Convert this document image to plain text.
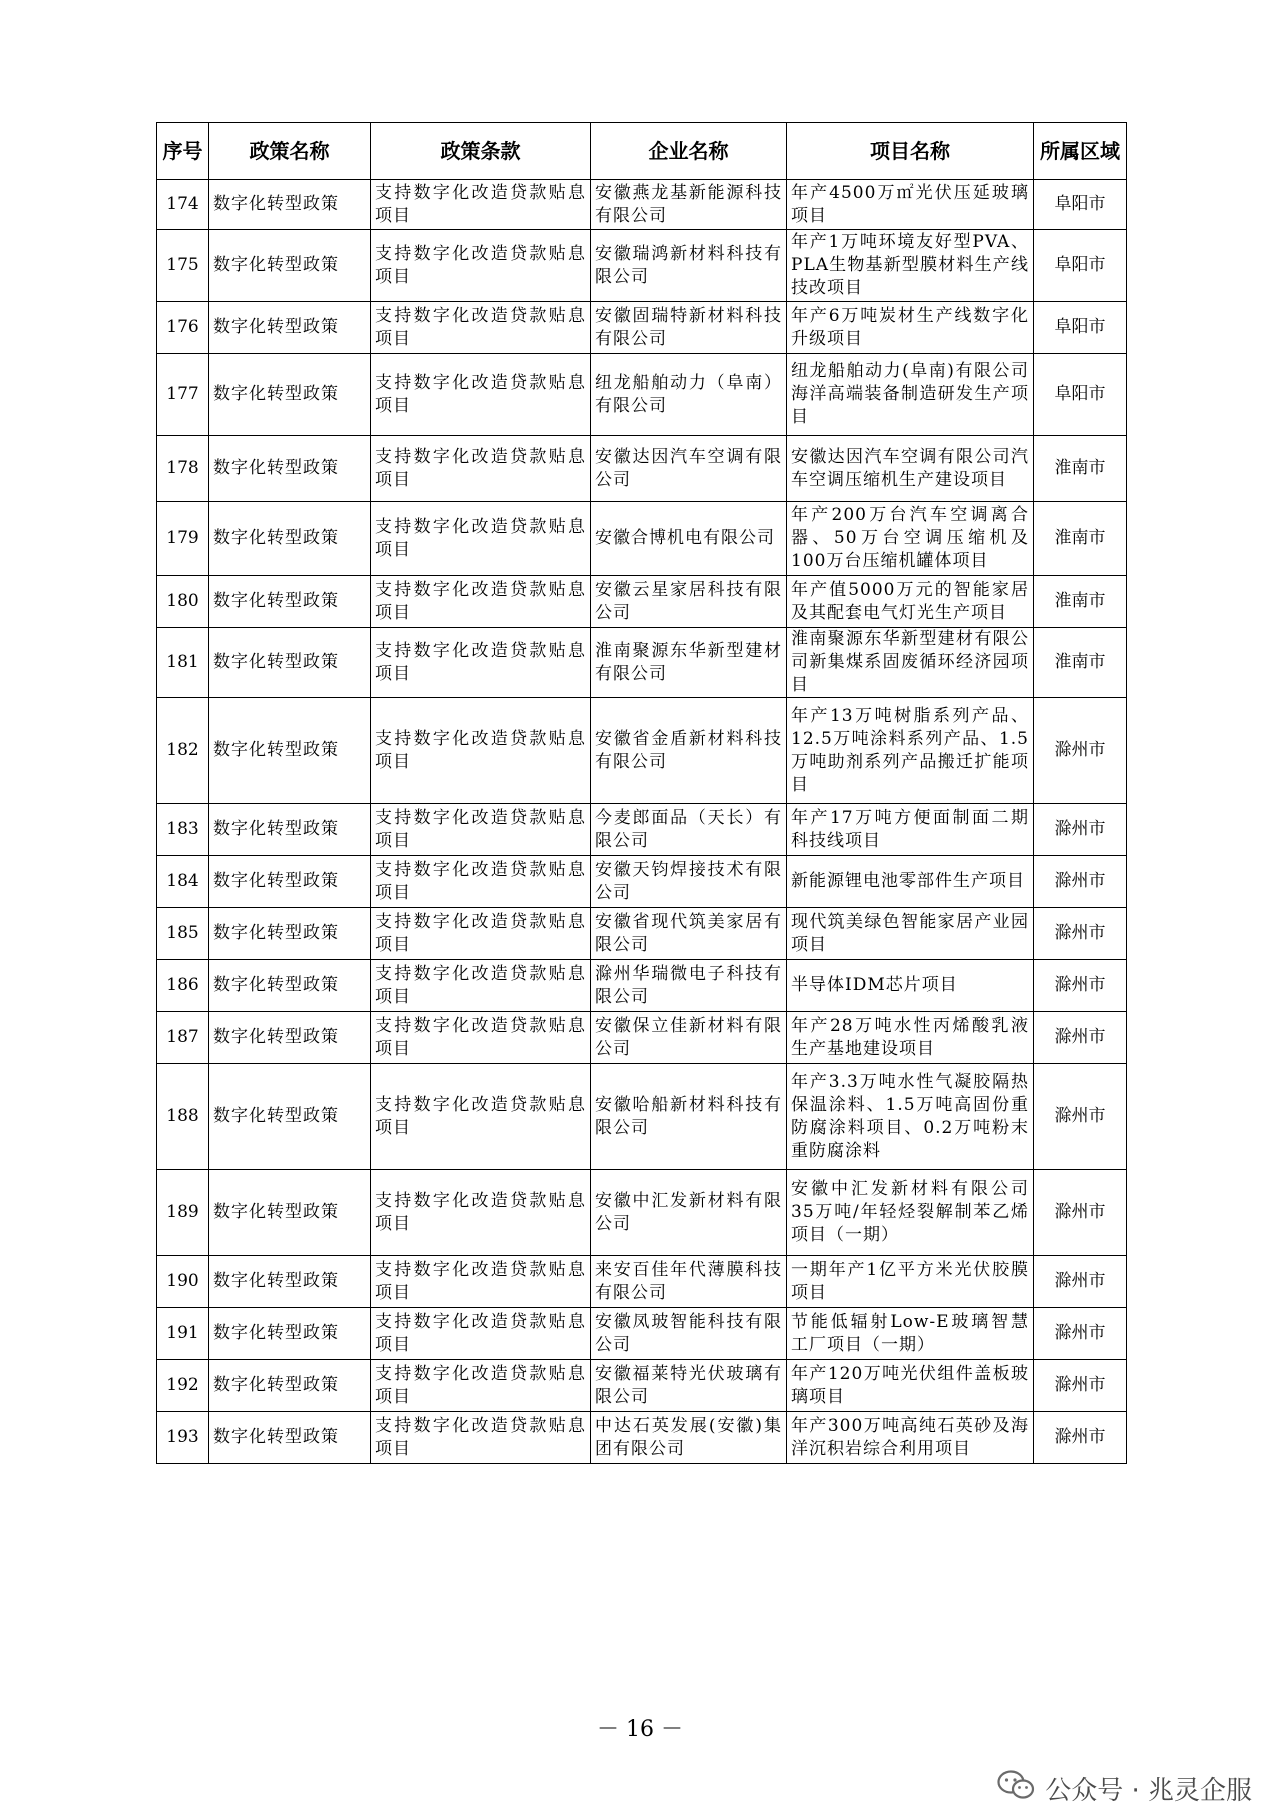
序号	政策名称	政策条款	企业名称	项目名称	所属区域
174	数字化转型政策	支持数字化改造贷款贴息项目	安徽燕龙基新能源科技有限公司	年产4500万㎡光伏压延玻璃项目	阜阳市
175	数字化转型政策	支持数字化改造贷款贴息项目	安徽瑞鸿新材料科技有限公司	年产1万吨环境友好型PVA、PLA生物基新型膜材料生产线技改项目	阜阳市
176	数字化转型政策	支持数字化改造贷款贴息项目	安徽固瑞特新材料科技有限公司	年产6万吨炭材生产线数字化升级项目	阜阳市
177	数字化转型政策	支持数字化改造贷款贴息项目	纽龙船舶动力（阜南）有限公司	纽龙船舶动力(阜南)有限公司海洋高端装备制造研发生产项目	阜阳市
178	数字化转型政策	支持数字化改造贷款贴息项目	安徽达因汽车空调有限公司	安徽达因汽车空调有限公司汽车空调压缩机生产建设项目	淮南市
179	数字化转型政策	支持数字化改造贷款贴息项目	安徽合博机电有限公司	年产200万台汽车空调离合器、50万台空调压缩机及100万台压缩机罐体项目	淮南市
180	数字化转型政策	支持数字化改造贷款贴息项目	安徽云星家居科技有限公司	年产值5000万元的智能家居及其配套电气灯光生产项目	淮南市
181	数字化转型政策	支持数字化改造贷款贴息项目	淮南聚源东华新型建材有限公司	淮南聚源东华新型建材有限公司新集煤系固废循环经济园项目	淮南市
182	数字化转型政策	支持数字化改造贷款贴息项目	安徽省金盾新材料科技有限公司	年产13万吨树脂系列产品、12.5万吨涂料系列产品、1.5万吨助剂系列产品搬迁扩能项目	滁州市
183	数字化转型政策	支持数字化改造贷款贴息项目	今麦郎面品（天长）有限公司	年产17万吨方便面制面二期科技线项目	滁州市
184	数字化转型政策	支持数字化改造贷款贴息项目	安徽天钧焊接技术有限公司	新能源锂电池零部件生产项目	滁州市
185	数字化转型政策	支持数字化改造贷款贴息项目	安徽省现代筑美家居有限公司	现代筑美绿色智能家居产业园项目	滁州市
186	数字化转型政策	支持数字化改造贷款贴息项目	滁州华瑞微电子科技有限公司	半导体IDM芯片项目	滁州市
187	数字化转型政策	支持数字化改造贷款贴息项目	安徽保立佳新材料有限公司	年产28万吨水性丙烯酸乳液生产基地建设项目	滁州市
188	数字化转型政策	支持数字化改造贷款贴息项目	安徽哈船新材料科技有限公司	年产3.3万吨水性气凝胶隔热保温涂料、1.5万吨高固份重防腐涂料项目、0.2万吨粉末重防腐涂料	滁州市
189	数字化转型政策	支持数字化改造贷款贴息项目	安徽中汇发新材料有限公司	安徽中汇发新材料有限公司35万吨/年轻烃裂解制苯乙烯项目（一期）	滁州市
190	数字化转型政策	支持数字化改造贷款贴息项目	来安百佳年代薄膜科技有限公司	一期年产1亿平方米光伏胶膜项目	滁州市
191	数字化转型政策	支持数字化改造贷款贴息项目	安徽凤玻智能科技有限公司	节能低辐射Low-E玻璃智慧工厂项目（一期）	滁州市
192	数字化转型政策	支持数字化改造贷款贴息项目	安徽福莱特光伏玻璃有限公司	年产120万吨光伏组件盖板玻璃项目	滁州市
193	数字化转型政策	支持数字化改造贷款贴息项目	中达石英发展(安徽)集团有限公司	年产300万吨高纯石英砂及海洋沉积岩综合利用项目	滁州市
－ 16 －
公众号 · 兆灵企服
